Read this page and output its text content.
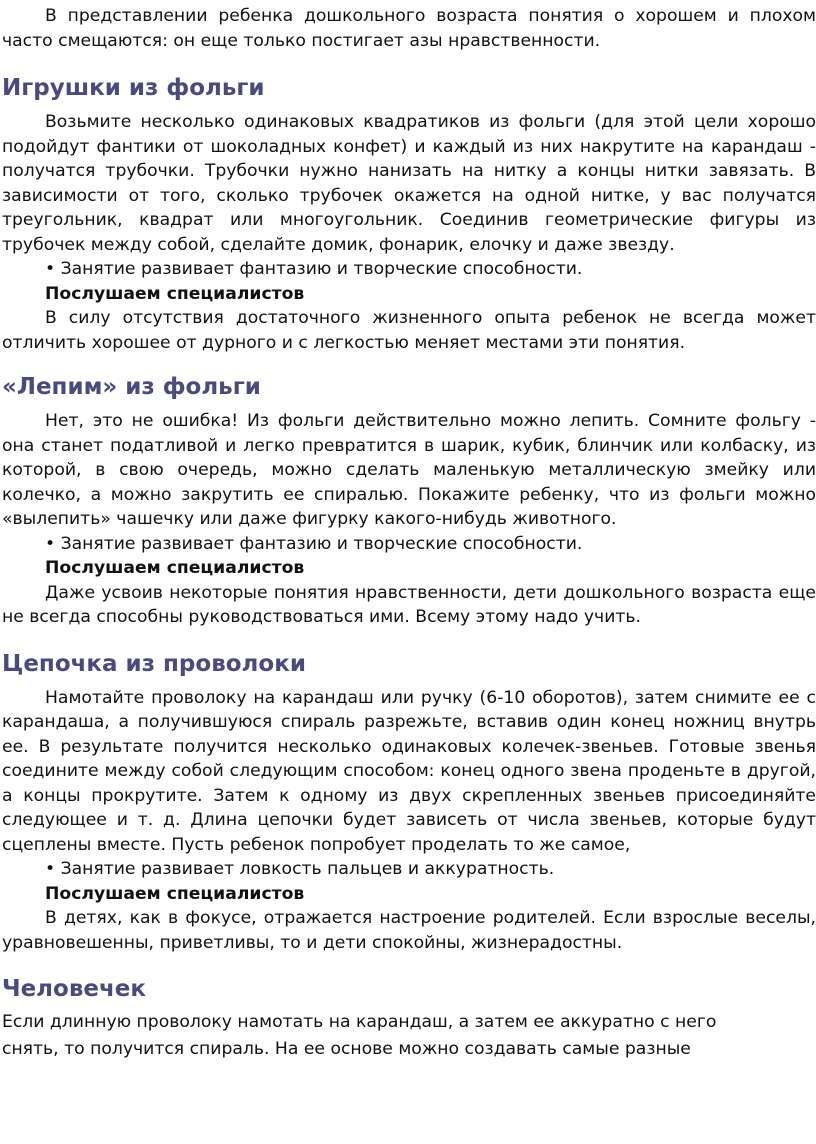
В представлении ребенка дошкольного возраста понятия о хорошем и плохом часто смещаются: он еще только постигает азы нравственности.

Игрушки из фольги

Возьмите несколько одинаковых квадратиков из фольги (для этой цели хорошо подойдут фантики от шоколадных конфет) и каждый из них накрутите на карандаш - получатся трубочки. Трубочки нужно нанизать на нитку а концы нитки завязать. В зависимости от того, сколько трубочек окажется на одной нитке, у вас получатся треугольник, квадрат или многоугольник. Соединив геометрические фигуры из трубочек между собой, сделайте домик, фонарик, елочку и даже звезду.

• Занятие развивает фантазию и творческие способности.

Послушаем специалистов

В силу отсутствия достаточного жизненного опыта ребенок не всегда может отличить хорошее от дурного и с легкостью меняет местами эти понятия.

«Лепим» из фольги

Нет, это не ошибка! Из фольги действительно можно лепить. Сомните фольгу - она станет податливой и легко превратится в шарик, кубик, блинчик или колбаску, из которой, в свою очередь, можно сделать маленькую металлическую змейку или колечко, а можно закрутить ее спиралью. Покажите ребенку, что из фольги можно «вылепить» чашечку или даже фигурку какого-нибудь животного.

• Занятие развивает фантазию и творческие способности.

Послушаем специалистов

Даже усвоив некоторые понятия нравственности, дети дошкольного возраста еще не всегда способны руководствоваться ими. Всему этому надо учить.

Цепочка из проволоки

Намотайте проволоку на карандаш или ручку (6-10 оборотов), затем снимите ее с карандаша, а получившуюся спираль разрежьте, вставив один конец ножниц внутрь ее. В результате получится несколько одинаковых колечек-звеньев. Готовые звенья соедините между собой следующим способом: конец одного звена проденьте в другой, а концы прокрутите. Затем к одному из двух скрепленных звеньев присоединяйте следующее и т. д. Длина цепочки будет зависеть от числа звеньев, которые будут сцеплены вместе. Пусть ребенок попробует проделать то же самое,

• Занятие развивает ловкость пальцев и аккуратность.

Послушаем специалистов

В детях, как в фокусе, отражается настроение родителей. Если взрослые веселы, уравновешенны, приветливы, то и дети спокойны, жизнерадостны.

Человечек

Если длинную проволоку намотать на карандаш, а затем ее аккуратно с него

снять, то получится спираль. На ее основе можно создавать самые разные
